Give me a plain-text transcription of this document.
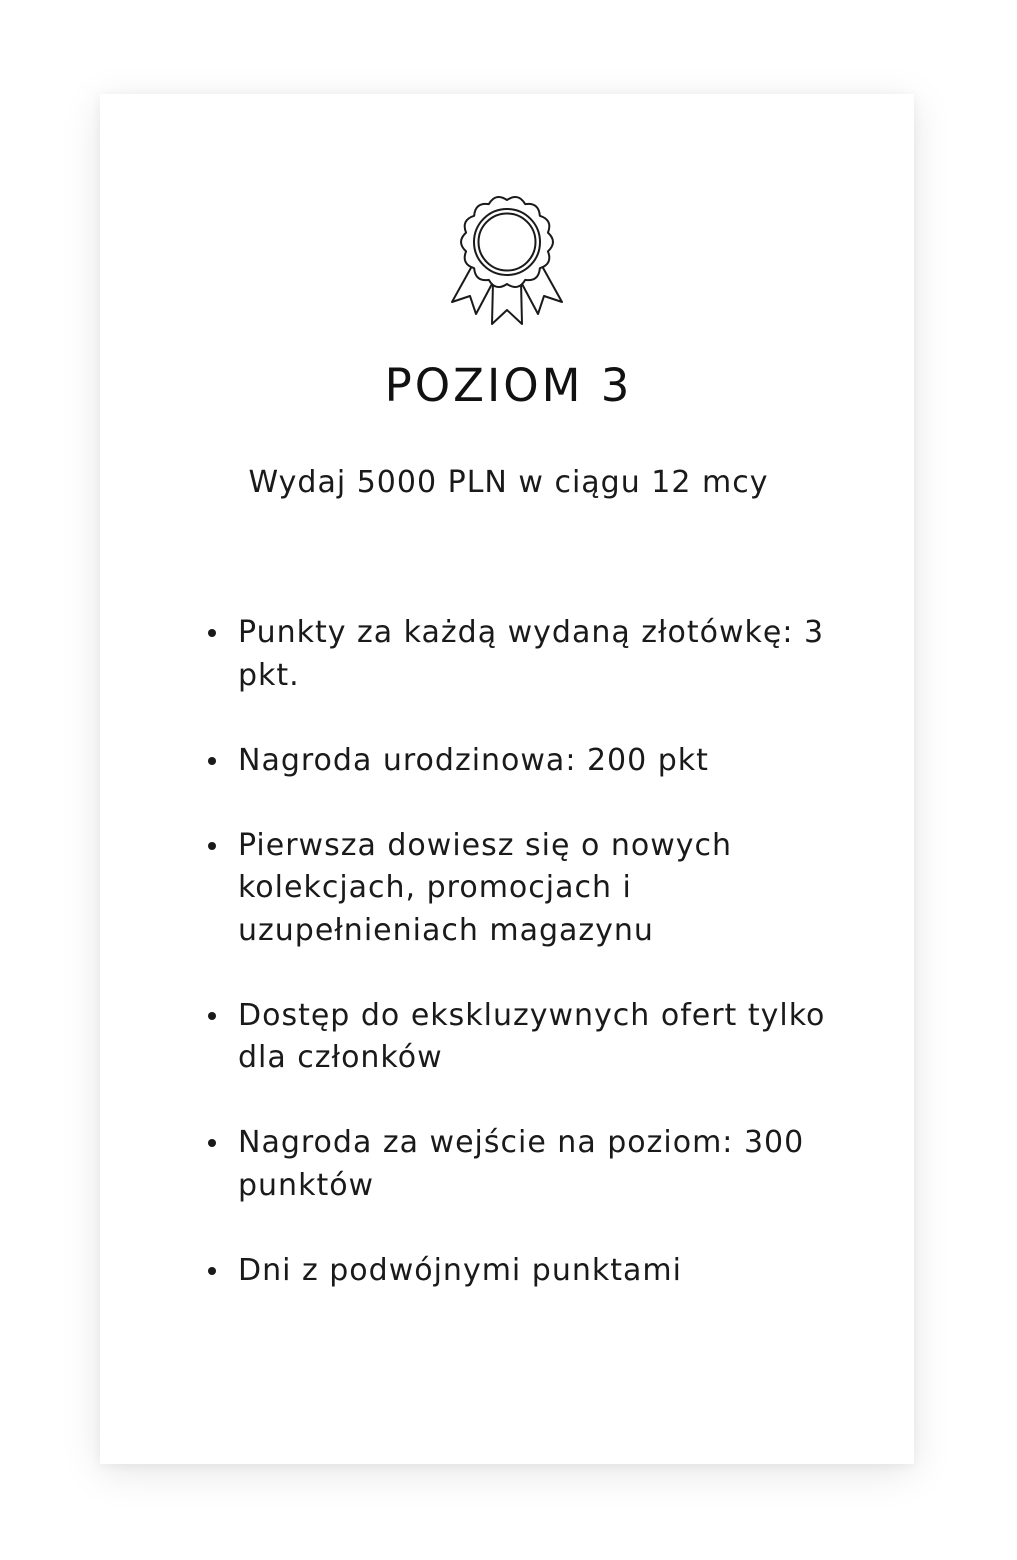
POZIOM 3

Wydaj 5000 PLN w ciągu 12 mcy

Punkty za każdą wydaną złotówkę: 3 pkt.
Nagroda urodzinowa: 200 pkt
Pierwsza dowiesz się o nowych kolekcjach, promocjach i uzupełnieniach magazynu
Dostęp do ekskluzywnych ofert tylko dla członków
Nagroda za wejście na poziom: 300 punktów
Dni z podwójnymi punktami
